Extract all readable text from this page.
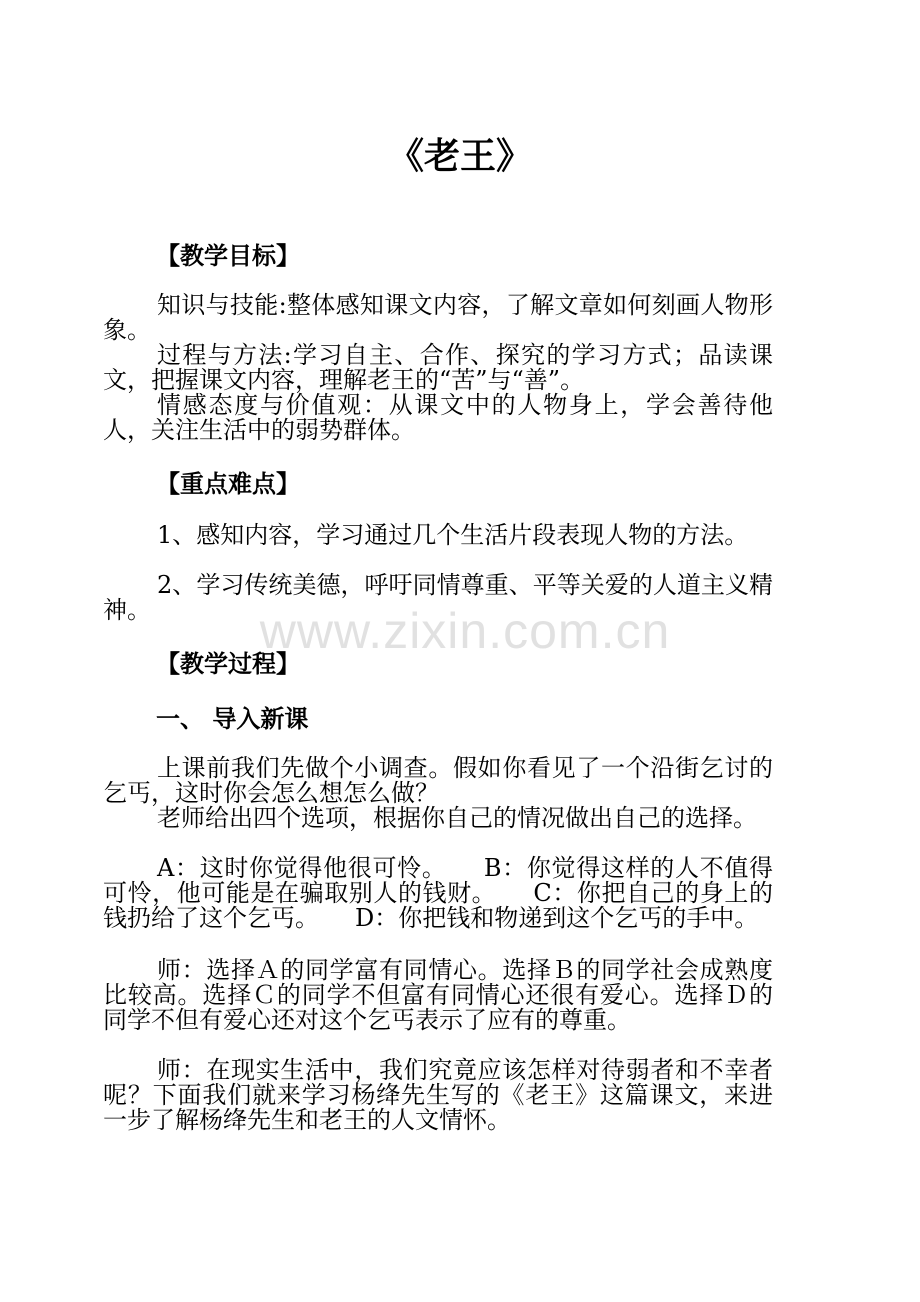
《老王》
【教学目标】

知识与技能:整体感知课文内容，了解文章如何刻画人物形象。

过程与方法:学习自主、合作、探究的学习方式；品读课文，把握课文内容，理解老王的“苦”与“善”。

情感态度与价值观：从课文中的人物身上，学会善待他人，关注生活中的弱势群体。

【重点难点】

1、感知内容，学习通过几个生活片段表现人物的方法。

2、学习传统美德，呼吁同情尊重、平等关爱的人道主义精神。	www.zixin.com.cn
【教学过程】
一、 导入新课

上课前我们先做个小调查。假如你看见了一个沿街乞讨的乞丐，这时你会怎么想怎么做？

老师给出四个选项，根据你自己的情况做出自己的选择。

A：这时你觉得他很可怜。　　B：你觉得这样的人不值得可怜，他可能是在骗取别人的钱财。　　C：你把自己的身上的钱扔给了这个乞丐。　　D：你把钱和物递到这个乞丐的手中。

师：选择Ａ的同学富有同情心。选择Ｂ的同学社会成熟度比较高。选择Ｃ的同学不但富有同情心还很有爱心。选择Ｄ的同学不但有爱心还对这个乞丐表示了应有的尊重。

师：在现实生活中，我们究竟应该怎样对待弱者和不幸者呢？下面我们就来学习杨绛先生写的《老王》这篇课文，来进一步了解杨绛先生和老王的人文情怀。
